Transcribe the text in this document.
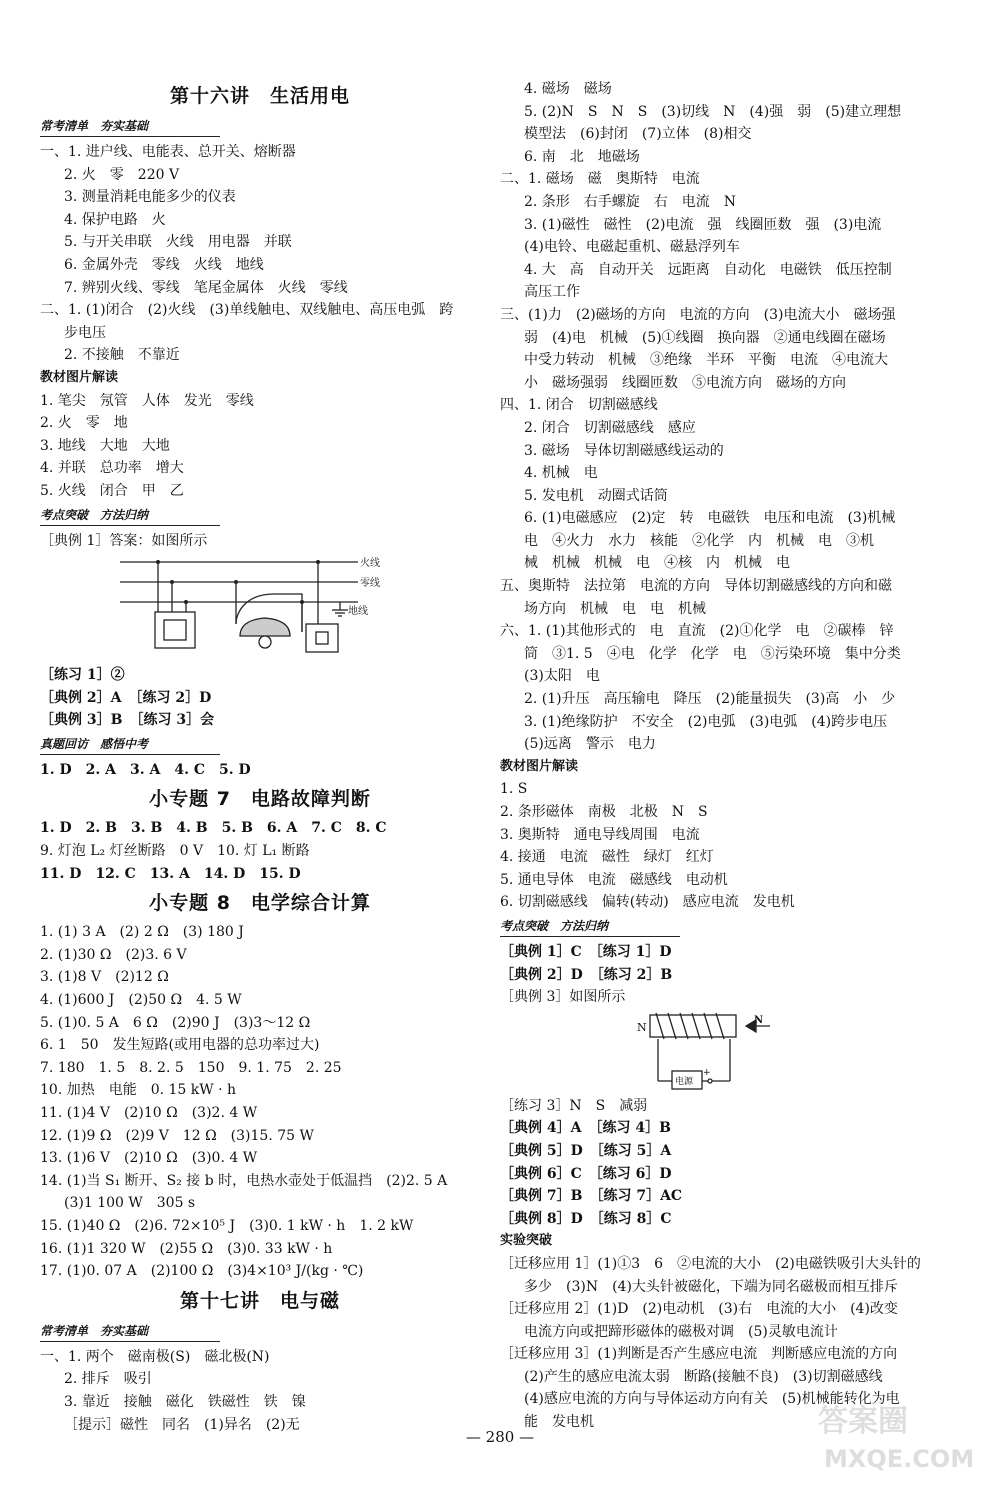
第十六讲　生活用电
常考清单　夯实基础
一、1. 进户线、电能表、总开关、熔断器
2. 火　零　220 V
3. 测量消耗电能多少的仪表
4. 保护电路　火
5. 与开关串联　火线　用电器　并联
6. 金属外壳　零线　火线　地线
7. 辨别火线、零线　笔尾金属体　火线　零线
二、1. (1)闭合　(2)火线　(3)单线触电、双线触电、高压电弧　跨
步电压
2. 不接触　不靠近
教材图片解读
1. 笔尖　氖管　人体　发光　零线
2. 火　零　地
3. 地线　大地　大地
4. 并联　总功率　增大
5. 火线　闭合　甲　乙
考点突破　方法归纳
［典例 1］答案：如图所示
火线
零线
地线
［练习 1］②
［典例 2］A　［练习 2］D
［典例 3］B　［练习 3］会
真题回访　感悟中考
1. D　2. A　3. A　4. C　5. D
小专题 7　电路故障判断
1. D　2. B　3. B　4. B　5. B　6. A　7. C　8. C
9. 灯泡 L₂ 灯丝断路　0 V　10. 灯 L₁ 断路
11. D　12. C　13. A　14. D　15. D
小专题 8　电学综合计算
1. (1) 3 A　(2) 2 Ω　(3) 180 J
2. (1)30 Ω　(2)3. 6 V
3. (1)8 V　(2)12 Ω
4. (1)600 J　(2)50 Ω　4. 5 W
5. (1)0. 5 A　6 Ω　(2)90 J　(3)3～12 Ω
6. 1　50　发生短路(或用电器的总功率过大)
7. 180　1. 5　8. 2. 5　150　9. 1. 75　2. 25
10. 加热　电能　0. 15 kW · h
11. (1)4 V　(2)10 Ω　(3)2. 4 W
12. (1)9 Ω　(2)9 V　12 Ω　(3)15. 75 W
13. (1)6 V　(2)10 Ω　(3)0. 4 W
14. (1)当 S₁ 断开、S₂ 接 b 时，电热水壶处于低温挡　(2)2. 5 A
(3)1 100 W　305 s
15. (1)40 Ω　(2)6. 72×10⁵ J　(3)0. 1 kW · h　1. 2 kW
16. (1)1 320 W　(2)55 Ω　(3)0. 33 kW · h
17. (1)0. 07 A　(2)100 Ω　(3)4×10³ J/(kg · ℃)
第十七讲　电与磁
常考清单　夯实基础
一、1. 两个　磁南极(S)　磁北极(N)
2. 排斥　吸引
3. 靠近　接触　磁化　铁磁性　铁　镍
［提示］磁性　同名　(1)异名　(2)无
4. 磁场　磁场
5. (2)N　S　N　S　(3)切线　N　(4)强　弱　(5)建立理想
模型法　(6)封闭　(7)立体　(8)相交
6. 南　北　地磁场
二、1. 磁场　磁　奥斯特　电流
2. 条形　右手螺旋　右　电流　N
3. (1)磁性　磁性　(2)电流　强　线圈匝数　强　(3)电流
(4)电铃、电磁起重机、磁悬浮列车
4. 大　高　自动开关　远距离　自动化　电磁铁　低压控制
高压工作
三、(1)力　(2)磁场的方向　电流的方向　(3)电流大小　磁场强
弱　(4)电　机械　(5)①线圈　换向器　②通电线圈在磁场
中受力转动　机械　③绝缘　半环　平衡　电流　④电流大
小　磁场强弱　线圈匝数　⑤电流方向　磁场的方向
四、1. 闭合　切割磁感线
2. 闭合　切割磁感线　感应
3. 磁场　导体切割磁感线运动的
4. 机械　电
5. 发电机　动圈式话筒
6. (1)电磁感应　(2)定　转　电磁铁　电压和电流　(3)机械
电　④火力　水力　核能　②化学　内　机械　电　③机
械　机械　机械　电　④核　内　机械　电
五、奥斯特　法拉第　电流的方向　导体切割磁感线的方向和磁
场方向　机械　电　电　机械
六、1. (1)其他形式的　电　直流　(2)①化学　电　②碳棒　锌
筒　③1. 5　④电　化学　化学　电　⑤污染环境　集中分类
(3)太阳　电
2. (1)升压　高压输电　降压　(2)能量损失　(3)高　小　少
3. (1)绝缘防护　不安全　(2)电弧　(3)电弧　(4)跨步电压
(5)远离　警示　电力
教材图片解读
1. S
2. 条形磁体　南极　北极　N　S
3. 奥斯特　通电导线周围　电流
4. 接通　电流　磁性　绿灯　红灯
5. 通电导体　电流　磁感线　电动机
6. 切割磁感线　偏转(转动)　感应电流　发电机
考点突破　方法归纳
［典例 1］C　［练习 1］D
［典例 2］D　［练习 2］B
［典例 3］如图所示
N
N
电源
+
［练习 3］N　S　减弱
［典例 4］A　［练习 4］B
［典例 5］D　［练习 5］A
［典例 6］C　［练习 6］D
［典例 7］B　［练习 7］AC
［典例 8］D　［练习 8］C
实验突破
［迁移应用 1］(1)①3　6　②电流的大小　(2)电磁铁吸引大头针的
多少　(3)N　(4)大头针被磁化，下端为同名磁极而相互排斥
［迁移应用 2］(1)D　(2)电动机　(3)右　电流的大小　(4)改变
电流方向或把蹄形磁体的磁极对调　(5)灵敏电流计
［迁移应用 3］(1)判断是否产生感应电流　判断感应电流的方向
(2)产生的感应电流太弱　断路(接触不良)　(3)切割磁感线
(4)感应电流的方向与导体运动方向有关　(5)机械能转化为电
能　发电机
— 280 —	答案圈
MXQE.COM
